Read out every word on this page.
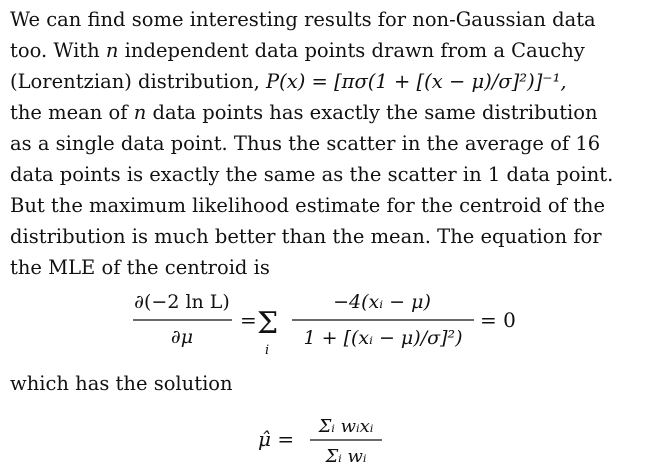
We can find some interesting results for non-Gaussian data
too. With n independent data points drawn from a Cauchy
(Lorentzian) distribution, P(x) = [πσ(1 + [(x − μ)/σ]²)]⁻¹,
the mean of n data points has exactly the same distribution
as a single data point. Thus the scatter in the average of 16
data points is exactly the same as the scatter in 1 data point.
But the maximum likelihood estimate for the centroid of the
distribution is much better than the mean. The equation for
the MLE of the centroid is
∂(−2 ln L)
∂μ
= Σ
i
−4(xᵢ − μ)
1 + [(xᵢ − μ)/σ]²)
= 0
which has the solution
μ̂ =
Σᵢ wᵢxᵢ
Σᵢ wᵢ
